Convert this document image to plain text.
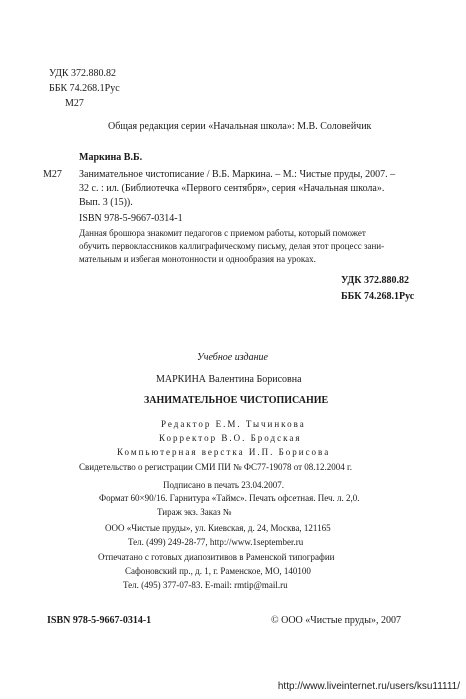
УДК 372.880.82
ББК 74.268.1Рус
М27
Общая редакция серии «Начальная школа»: М.В. Соловейчик
Маркина В.Б.
М27 Занимательное чистописание / В.Б. Маркина. – М.: Чистые пруды, 2007. –
32 с. : ил. (Библиотечка «Первого сентября», серия «Начальная школа».
Вып. 3 (15)).
ISBN 978-5-9667-0314-1
Данная брошюра знакомит педагогов с приемом работы, который поможет
обучить первоклассников каллиграфическому письму, делая этот процесс зани-
мательным и избегая монотонности и однообразия на уроках.
УДК 372.880.82
ББК 74.268.1Рус
Учебное издание
МАРКИНА Валентина Борисовна
ЗАНИМАТЕЛЬНОЕ ЧИСТОПИСАНИЕ
Редактор Е.М. Тычинкова
Корректор В.О. Бродская
Компьютерная верстка И.П. Борисова
Свидетельство о регистрации СМИ ПИ № ФС77-19078 от 08.12.2004 г.
Подписано в печать 23.04.2007.
Формат 60×90/16. Гарнитура «Таймс». Печать офсетная. Печ. л. 2,0.
Тираж экз. Заказ №
ООО «Чистые пруды», ул. Киевская, д. 24, Москва, 121165
Тел. (499) 249-28-77, http://www.1september.ru
Отпечатано с готовых диапозитивов в Раменской типографии
Сафоновский пр., д. 1, г. Раменское, МО, 140100
Тел. (495) 377-07-83. E-mail: rmtip@mail.ru
ISBN 978-5-9667-0314-1	© ООО «Чистые пруды», 2007
http://www.liveinternet.ru/users/ksu11111/
